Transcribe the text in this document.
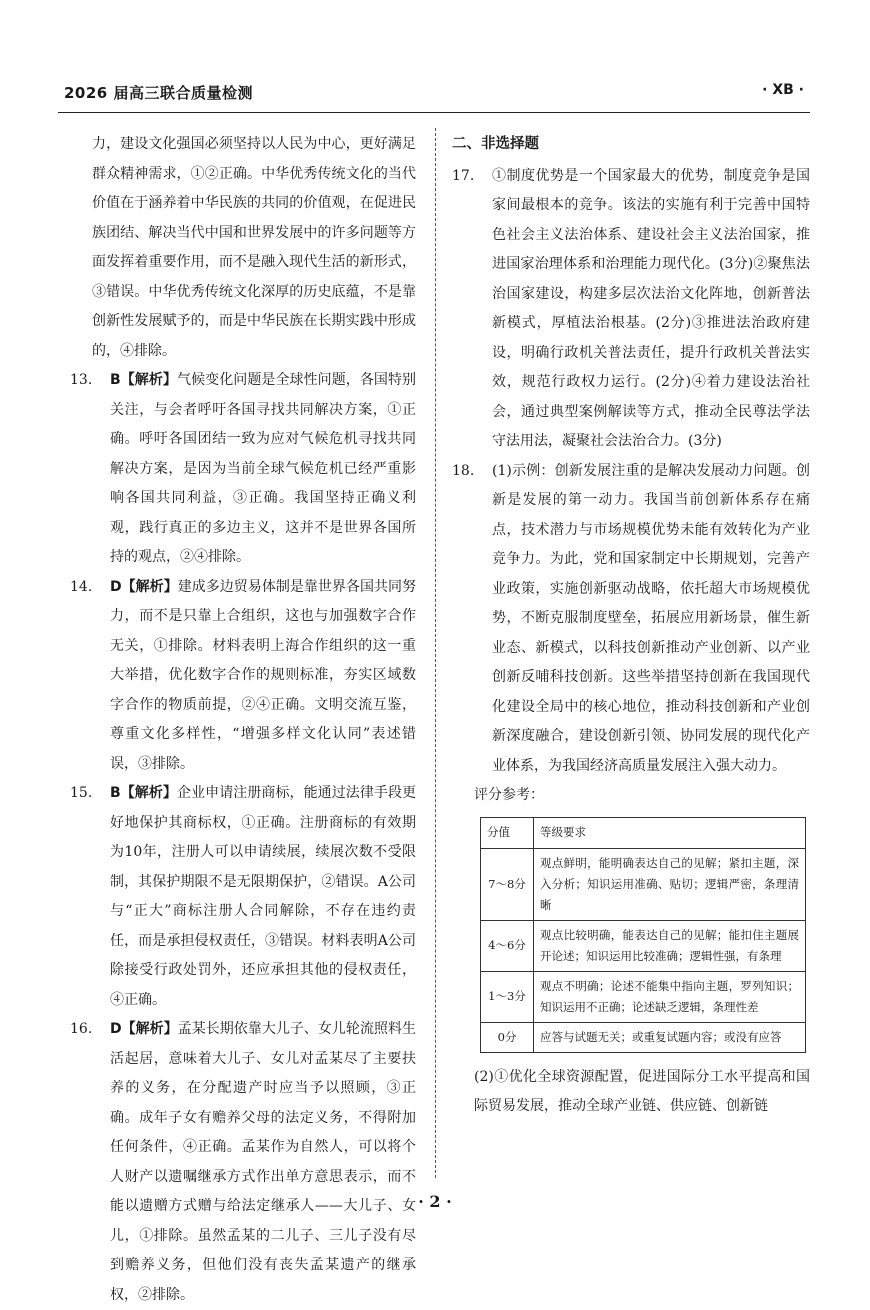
2026 届高三联合质量检测	· XB ·

力，建设文化强国必须坚持以人民为中心，更好满足群众精神需求，①②正确。中华优秀传统文化的当代价值在于涵养着中华民族的共同的价值观，在促进民族团结、解决当代中国和世界发展中的许多问题等方面发挥着重要作用，而不是融入现代生活的新形式，③错误。中华优秀传统文化深厚的历史底蕴，不是靠创新性发展赋予的，而是中华民族在长期实践中形成的，④排除。

13.	B【解析】气候变化问题是全球性问题，各国特别关注，与会者呼吁各国寻找共同解决方案，①正确。呼吁各国团结一致为应对气候危机寻找共同解决方案，是因为当前全球气候危机已经严重影响各国共同利益，③正确。我国坚持正确义利观，践行真正的多边主义，这并不是世界各国所持的观点，②④排除。

14.	D【解析】建成多边贸易体制是靠世界各国共同努力，而不是只靠上合组织，这也与加强数字合作无关，①排除。材料表明上海合作组织的这一重大举措，优化数字合作的规则标准，夯实区域数字合作的物质前提，②④正确。文明交流互鉴，尊重文化多样性，“增强多样文化认同”表述错误，③排除。

15.	B【解析】企业申请注册商标，能通过法律手段更好地保护其商标权，①正确。注册商标的有效期为10年，注册人可以申请续展，续展次数不受限制，其保护期限不是无限期保护，②错误。A公司与“正大”商标注册人合同解除，不存在违约责任，而是承担侵权责任，③错误。材料表明A公司除接受行政处罚外，还应承担其他的侵权责任，④正确。

16.	D【解析】孟某长期依靠大儿子、女儿轮流照料生活起居，意味着大儿子、女儿对孟某尽了主要扶养的义务，在分配遗产时应当予以照顾，③正确。成年子女有赡养父母的法定义务，不得附加任何条件，④正确。孟某作为自然人，可以将个人财产以遗嘱继承方式作出单方意思表示，而不能以遗赠方式赠与给法定继承人——大儿子、女儿，①排除。虽然孟某的二儿子、三儿子没有尽到赡养义务，但他们没有丧失孟某遗产的继承权，②排除。

二、非选择题
17.	①制度优势是一个国家最大的优势，制度竞争是国家间最根本的竞争。该法的实施有利于完善中国特色社会主义法治体系、建设社会主义法治国家，推进国家治理体系和治理能力现代化。(3分)②聚焦法治国家建设，构建多层次法治文化阵地，创新普法新模式，厚植法治根基。(2分)③推进法治政府建设，明确行政机关普法责任，提升行政机关普法实效，规范行政权力运行。(2分)④着力建设法治社会，通过典型案例解读等方式，推动全民尊法学法守法用法，凝聚社会法治合力。(3分)

18.	(1)示例：创新发展注重的是解决发展动力问题。创新是发展的第一动力。我国当前创新体系存在痛点，技术潜力与市场规模优势未能有效转化为产业竞争力。为此，党和国家制定中长期规划，完善产业政策，实施创新驱动战略，依托超大市场规模优势，不断克服制度壁垒，拓展应用新场景，催生新业态、新模式，以科技创新推动产业创新、以产业创新反哺科技创新。这些举措坚持创新在我国现代化建设全局中的核心地位，推动科技创新和产业创新深度融合，建设创新引领、协同发展的现代化产业体系，为我国经济高质量发展注入强大动力。

评分参考：

分值	等级要求
7～8分	观点鲜明，能明确表达自己的见解；紧扣主题，深入分析；知识运用准确、贴切；逻辑严密，条理清晰
4～6分	观点比较明确，能表达自己的见解；能扣住主题展开论述；知识运用比较准确；逻辑性强，有条理
1～3分	观点不明确；论述不能集中指向主题，罗列知识；知识运用不正确；论述缺乏逻辑，条理性差
0分	应答与试题无关；或重复试题内容；或没有应答

(2)①优化全球资源配置，促进国际分工水平提高和国际贸易发展，推动全球产业链、供应链、创新链

· 2 ·
